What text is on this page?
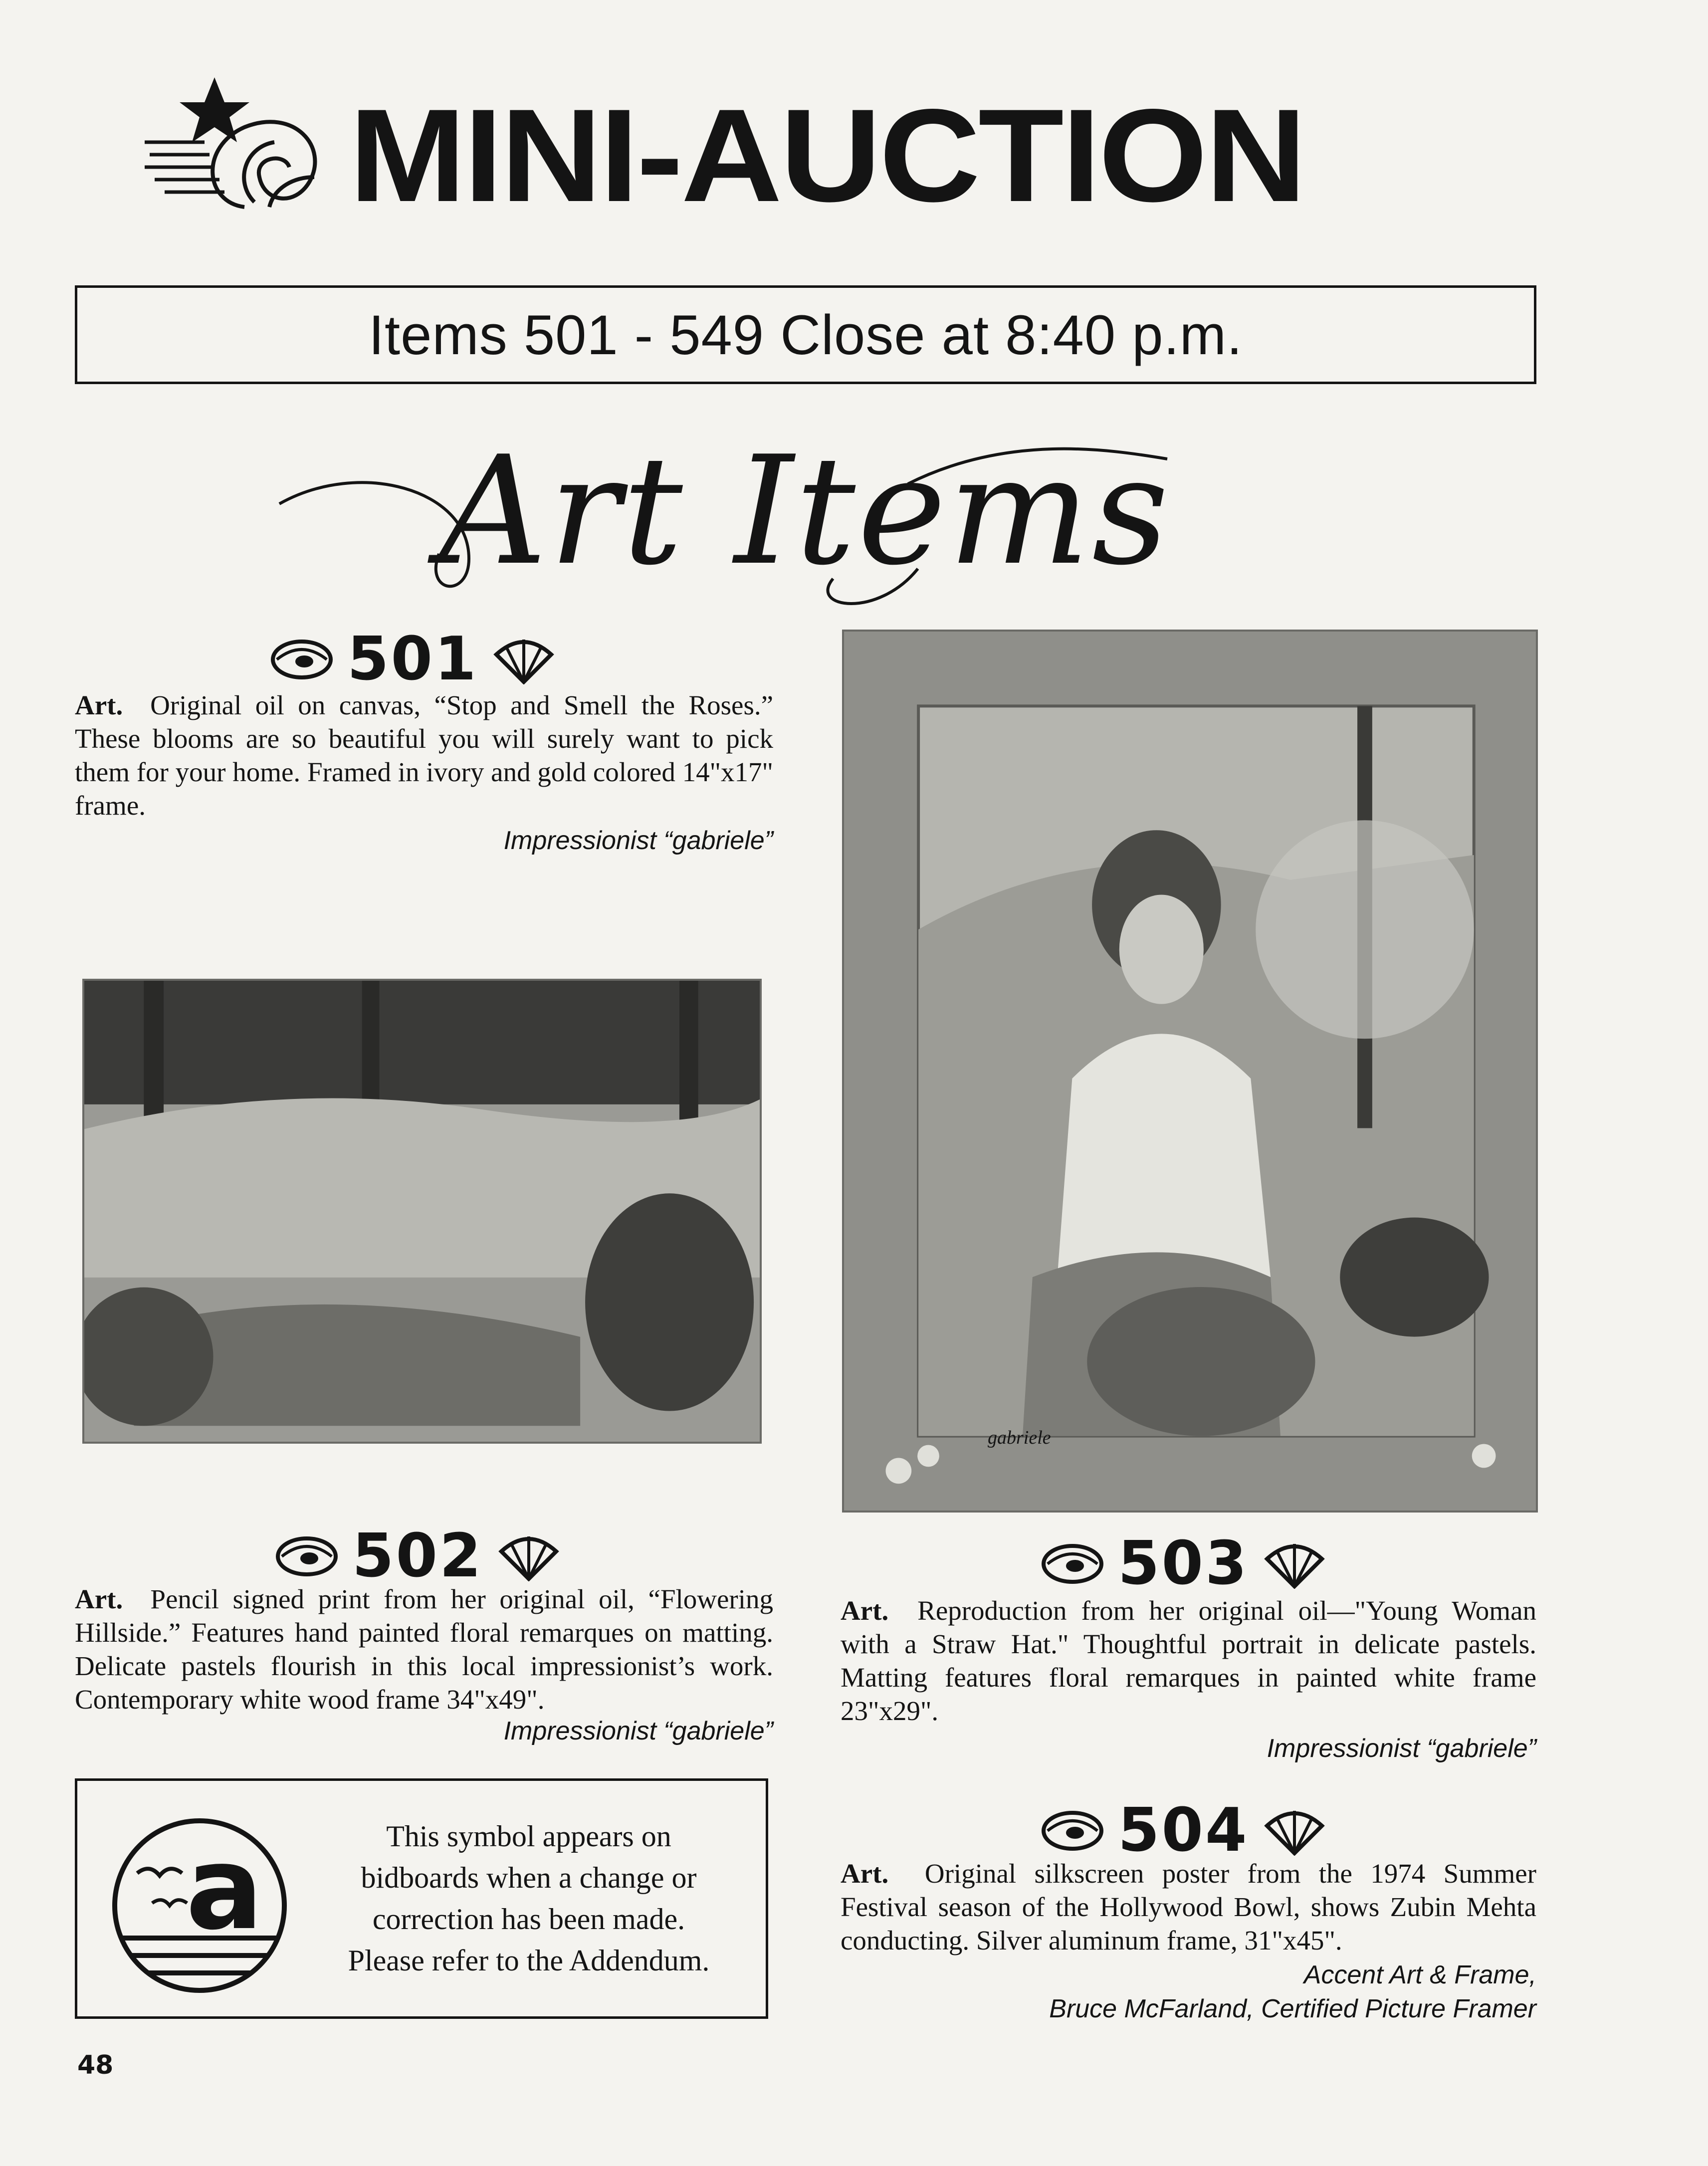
MINI-AUCTION
Items 501 - 549 Close at 8:40 p.m.
Art Items
501
Art. Original oil on canvas, “Stop and Smell the Roses.” These blooms are so beautiful you will surely want to pick them for your home. Framed in ivory and gold colored 14"x17" frame.
Impressionist “gabriele”
502
Art. Pencil signed print from her original oil, “Flowering Hillside.” Features hand painted floral remarques on matting. Delicate pastels flourish in this local impressionist’s work. Contemporary white wood frame 34"x49".
Impressionist “gabriele”
a	This symbol appears on
bidboards when a change or
correction has been made.
Please refer to the Addendum.
48
gabriele
503
Art. Reproduction from her original oil—"Young Woman with a Straw Hat." Thoughtful portrait in delicate pastels. Matting features floral remarques in painted white frame 23"x29".
Impressionist “gabriele”
504
Art. Original silkscreen poster from the 1974 Summer Festival season of the Hollywood Bowl, shows Zubin Mehta conducting. Silver aluminum frame, 31"x45".
Accent Art & Frame,
Bruce McFarland, Certified Picture Framer
